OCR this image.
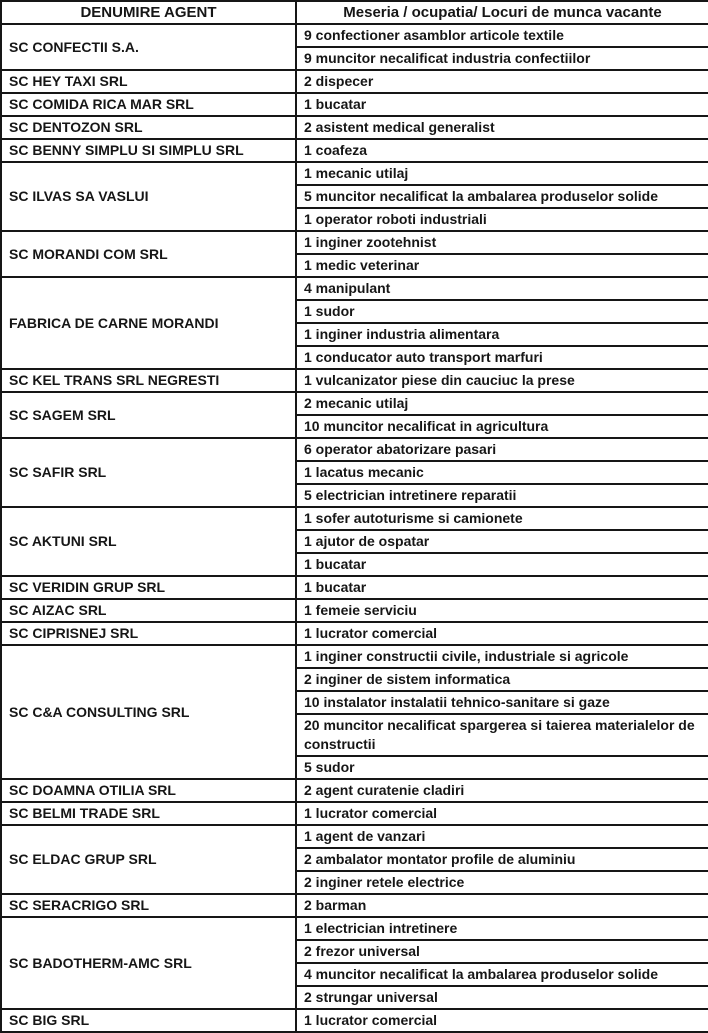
DENUMIRE AGENT	Meseria / ocupatia/ Locuri de munca vacante
SC CONFECTII S.A.	9 confectioner asamblor articole textile
	9 muncitor necalificat industria confectiilor
SC HEY TAXI SRL	2 dispecer
SC COMIDA RICA MAR SRL	1 bucatar
SC DENTOZON SRL	2 asistent medical generalist
SC BENNY SIMPLU SI SIMPLU SRL	1 coafeza
SC ILVAS SA VASLUI	1 mecanic utilaj
	5 muncitor necalificat la ambalarea produselor solide
	1 operator roboti industriali
SC MORANDI COM SRL	1 inginer zootehnist
	1 medic veterinar
FABRICA DE CARNE MORANDI	4 manipulant
	1 sudor
	1 inginer industria alimentara
	1 conducator auto transport marfuri
SC KEL TRANS SRL NEGRESTI	1 vulcanizator piese din cauciuc la prese
SC SAGEM SRL	2 mecanic utilaj
	10 muncitor necalificat in agricultura
SC SAFIR SRL	6 operator abatorizare pasari
	1 lacatus mecanic
	5 electrician intretinere reparatii
SC AKTUNI SRL	1 sofer autoturisme si camionete
	1 ajutor de ospatar
	1 bucatar
SC VERIDIN GRUP SRL	1 bucatar
SC AIZAC SRL	1 femeie serviciu
SC CIPRISNEJ SRL	1 lucrator comercial
SC C&A CONSULTING SRL	1 inginer constructii civile, industriale si agricole
	2 inginer de sistem informatica
	10 instalator instalatii tehnico-sanitare si gaze
	20 muncitor necalificat spargerea si taierea materialelor de constructii
	5 sudor
SC DOAMNA OTILIA SRL	2 agent curatenie cladiri
SC BELMI TRADE SRL	1 lucrator comercial
SC ELDAC GRUP SRL	1 agent de vanzari
	2 ambalator montator profile de aluminiu
	2 inginer retele electrice
SC SERACRIGO SRL	2 barman
SC BADOTHERM-AMC SRL	1 electrician intretinere
	2 frezor universal
	4 muncitor necalificat la ambalarea produselor solide
	2 strungar universal
SC BIG SRL	1 lucrator comercial
